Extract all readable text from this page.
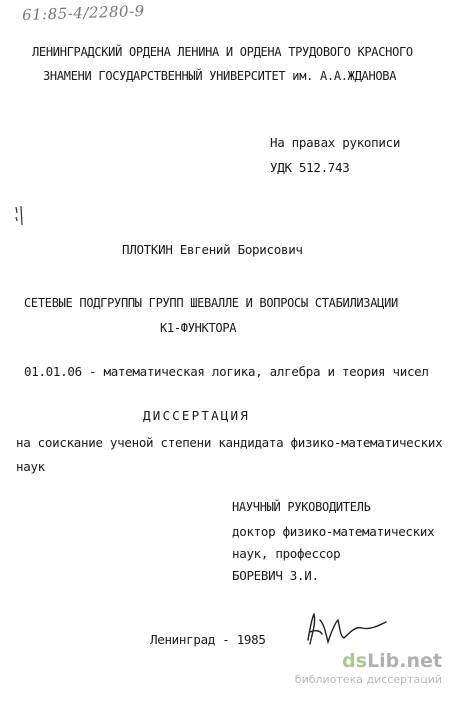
61:85-4/2280-9
ЛЕНИНГРАДСКИЙ ОРДЕНА ЛЕНИНА И ОРДЕНА ТРУДОВОГО КРАСНОГО
ЗНАМЕНИ ГОСУДАРСТВЕННЫЙ УНИВЕРСИТЕТ им. А.А.ЖДАНОВА
На правах рукописи
УДК 512.743
ПЛОТКИН Евгений Борисович
СЕТЕВЫЕ ПОДГРУППЫ ГРУПП ШЕВАЛЛЕ И ВОПРОСЫ СТАБИЛИЗАЦИИ
K1-ФУНКТОРА
01.01.06 - математическая логика, алгебра и теория чисел
ДИССЕРТАЦИЯ
на соискание ученой степени кандидата физико-математических
наук
НАУЧНЫЙ РУКОВОДИТЕЛЬ
доктор физико-математических
наук, профессор
БОРЕВИЧ З.И.
Ленинград - 1985
dsLib.net
библиотека диссертаций
